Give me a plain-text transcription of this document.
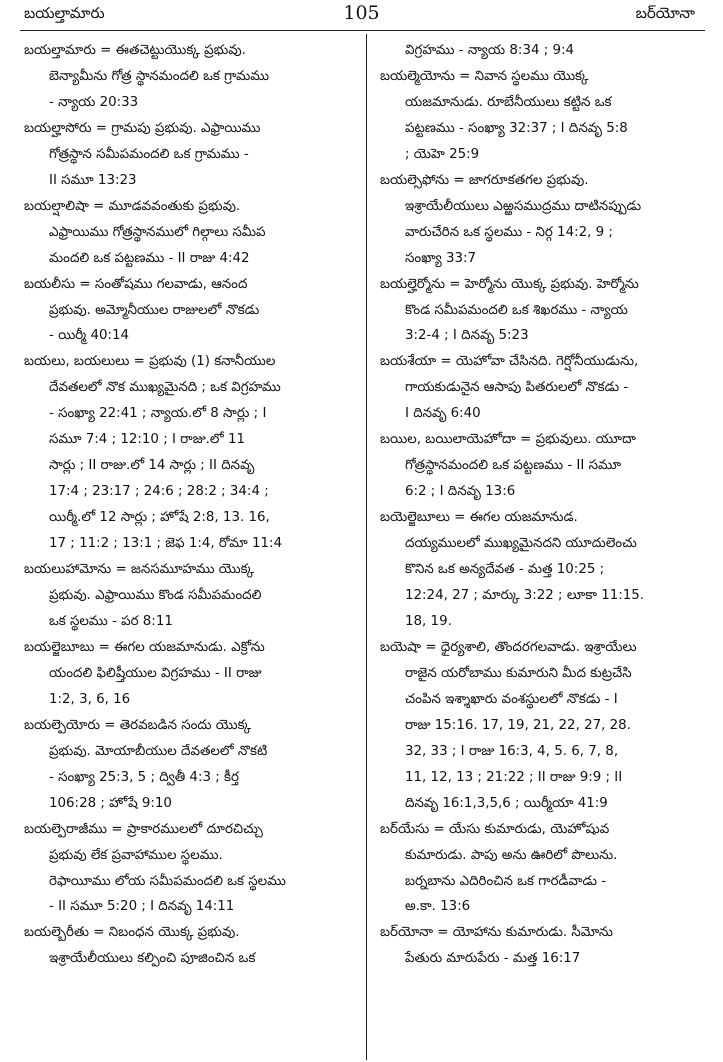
బయల్తామారు	105	బర్‌యోనా
బయల్తామారు = ఈతచెట్టుయొక్క ప్రభువు.
బెన్యామీను గోత్ర స్థానమందలి ఒక గ్రామము
- న్యాయ 20:33
బయల్హాసోరు = గ్రామపు ప్రభువు. ఎఫ్రాయిము
గోత్రస్థాన సమీపమందలి ఒక గ్రామము -
II సమూ 13:23
బయల్షాలిషా = మూడవవంతుకు ప్రభువు.
ఎఫ్రాయిము గోత్రస్థానములో గిల్గాలు సమీప
మందలి ఒక పట్టణము - II రాజు 4:42
బయలీసు = సంతోషము గలవాడు, ఆనంద
ప్రభువు. అమ్మోనీయుల రాజులలో నొకడు
- యిర్మీ 40:14
బయలు, బయలులు = ప్రభువు (1) కనానీయుల
దేవతలలో నొక ముఖ్యమైనది ; ఒక విగ్రహము
- సంఖ్యా 22:41 ; న్యాయ.లో 8 సార్లు ; I
సమూ 7:4 ; 12:10 ; I రాజు.లో 11
సార్లు ; II రాజు.లో 14 సార్లు ; II దినవృ
17:4 ; 23:17 ; 24:6 ; 28:2 ; 34:4 ;
యిర్మీ.లో 12 సార్లు ; హోషే 2:8, 13. 16,
17 ; 11:2 ; 13:1 ; జెఫ 1:4, రోమా 11:4
బయలుహామోను = జనసమూహము యొక్క
ప్రభువు. ఎఫ్రాయిము కొండ సమీపమందలి
ఒక స్థలము - పర 8:11
బయల్జెబూబు = ఈగల యజమానుడు. ఎక్రోను
యందలి ఫిలిష్తీయుల విగ్రహము - II రాజు
1:2, 3, 6, 16
బయల్పెయోరు = తెరవబడిన సందు యొక్క
ప్రభువు. మోయాబీయుల దేవతలలో నొకటి
- సంఖ్యా 25:3, 5 ; ద్వితీ 4:3 ; కీర్త
106:28 ; హోషే 9:10
బయల్పెరాజీము = ప్రాకారములలో దూరచిచ్చు
ప్రభువు లేక ప్రవాహాముల స్థలము.
రెఫాయీము లోయ సమీపమందలి ఒక స్థలము
- II సమూ 5:20 ; I దినవృ 14:11
బయల్బెరీతు = నిబంధన యొక్క ప్రభువు.
ఇశ్రాయేలీయులు కల్పించి పూజించిన ఒక
విగ్రహము - న్యాయ 8:34 ; 9:4
బయల్మెయోను = నివాన స్థలము యొక్క
యజమానుడు. రూబేనీయులు కట్టిన ఒక
పట్టణము - సంఖ్యా 32:37 ; I దినవృ 5:8
; యెహె 25:9
బయల్సెఫోను = జాగరూకతగల ప్రభువు.
ఇశ్రాయేలీయులు ఎఱ్ఱసముద్రము దాటినప్పుడు
వారుచేరిన ఒక స్థలము - నిర్గ 14:2, 9 ;
సంఖ్యా 33:7
బయల్హెర్మోను = హెర్మోను యొక్క ప్రభువు. హెర్మోను
కొండ సమీపమందలి ఒక శిఖరము - న్యాయ
3:2-4 ; I దినవృ 5:23
బయశేయా = యెహోవా చేసినది. గెర్షోనీయుడును,
గాయకుడునైన ఆసాపు పితరులలో నొకడు -
I దినవృ 6:40
బయిల, బయిలాయెహోదా = ప్రభువులు. యూదా
గోత్రస్థానమందలి ఒక పట్టణము - II సమూ
6:2 ; I దినవృ 13:6
బయెల్జెబూలు = ఈగల యజమానుడ.
దయ్యములలో ముఖ్యమైనదని యూదులెంచు
కొనిన ఒక అన్యదేవత - మత్త 10:25 ;
12:24, 27 ; మార్కు 3:22 ; లూకా 11:15.
18, 19.
బయెషా = ధైర్యశాలి, తొందరగలవాడు. ఇశ్రాయేలు
రాజైన యరోబాము కుమారుని మీద కుట్రచేసి
చంపిన ఇశ్శాఖారు వంశస్థులలో నొకడు - I
రాజు 15:16. 17, 19, 21, 22, 27, 28.
32, 33 ; I రాజు 16:3, 4, 5. 6, 7, 8,
11, 12, 13 ; 21:22 ; II రాజు 9:9 ; II
దినవృ 16:1,3,5,6 ; యిర్మీయా 41:9
బర్‌యేసు = యేసు కుమారుడు, యెహోషువ
కుమారుడు. పాపు అను ఊరిలో పొలును.
బర్నబాను ఎదిరించిన ఒక గారడీవాడు -
అ.కా. 13:6
బర్‌యోనా = యోహాను కుమారుడు. సీమోను
పేతురు మారుపేరు - మత్త 16:17
